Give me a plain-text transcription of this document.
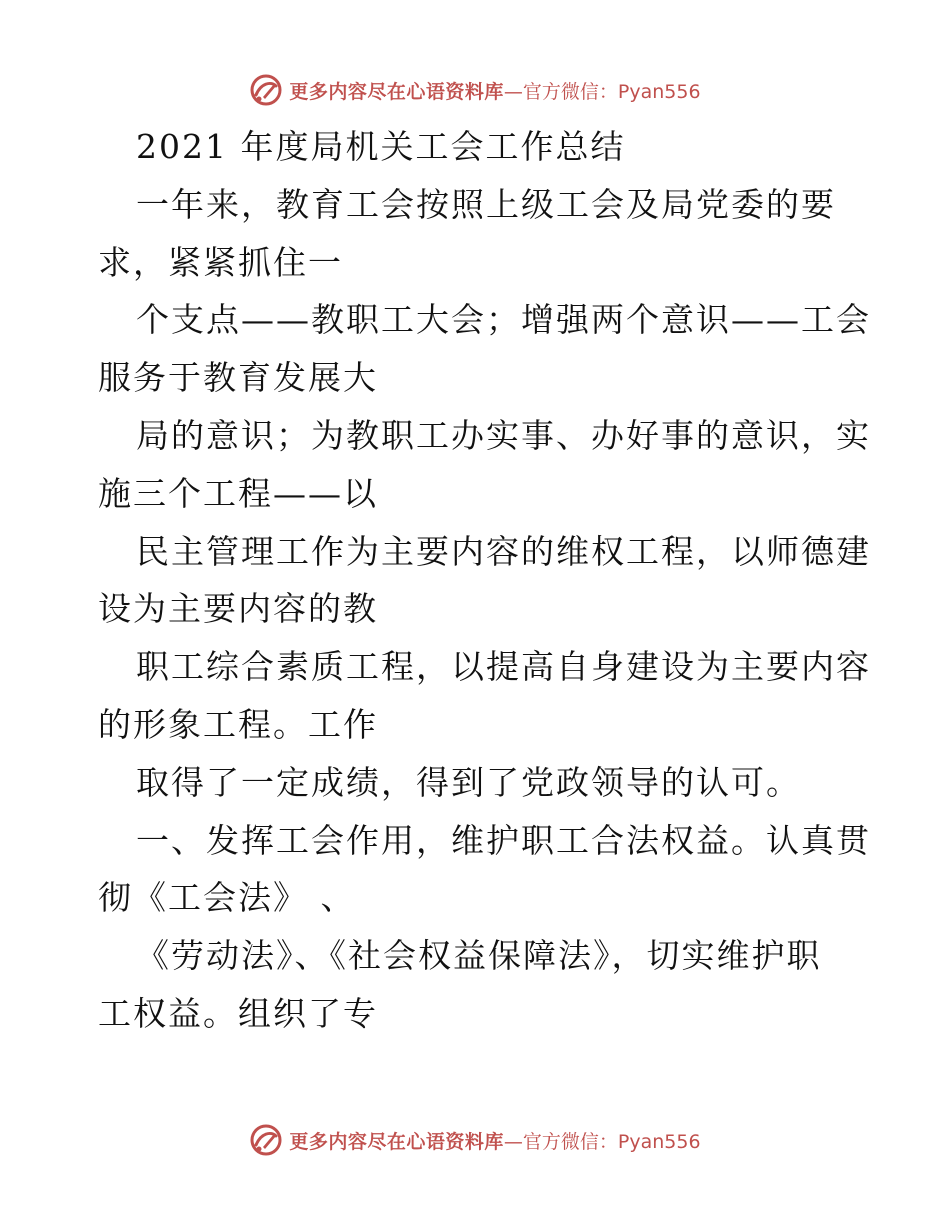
更多内容尽在心语资料库 —官方微信：Pyan556
2021 年度局机关工会工作总结
一年来，教育工会按照上级工会及局党委的要
求，紧紧抓住一
个支点——教职工大会；增强两个意识——工会
服务于教育发展大
局的意识；为教职工办实事、办好事的意识，实
施三个工程——以
民主管理工作为主要内容的维权工程，以师德建
设为主要内容的教
职工综合素质工程，以提高自身建设为主要内容
的形象工程。工作
取得了一定成绩，得到了党政领导的认可。
一、发挥工会作用，维护职工合法权益。认真贯
彻《工会法》 、
《劳动法》、《社会权益保障法》，切实维护职
工权益。组织了专
更多内容尽在心语资料库 —官方微信：Pyan556
